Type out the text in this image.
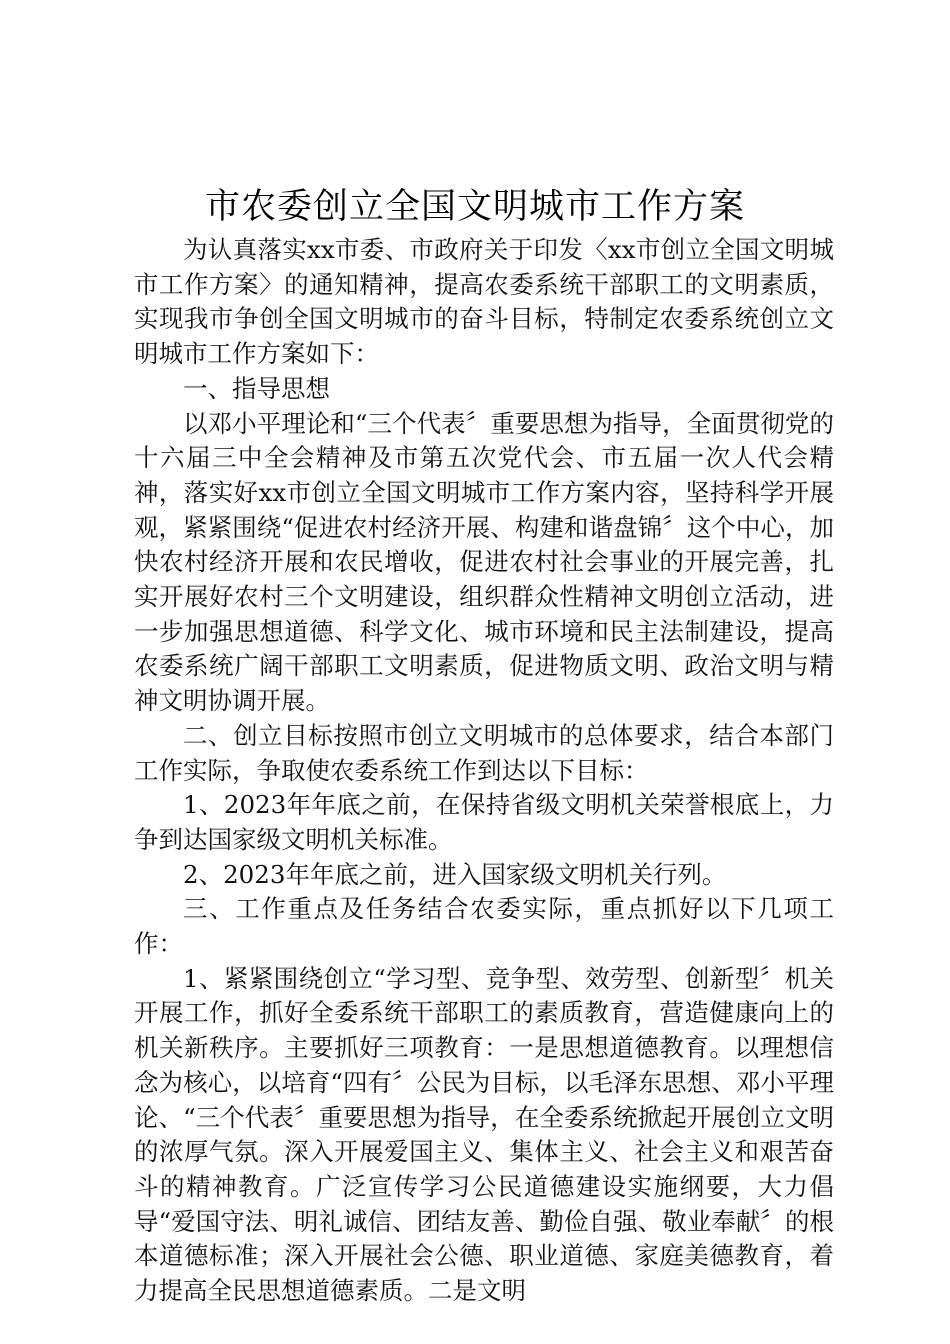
市农委创立全国文明城市工作方案

为认真落实xx市委、市政府关于印发〈xx市创立全国文明城市工作方案〉的通知精神，提高农委系统干部职工的文明素质，实现我市争创全国文明城市的奋斗目标，特制定农委系统创立文明城市工作方案如下：

一、指导思想

以邓小平理论和“三个代表〞重要思想为指导，全面贯彻党的十六届三中全会精神及市第五次党代会、市五届一次人代会精神，落实好xx市创立全国文明城市工作方案内容，坚持科学开展观，紧紧围绕“促进农村经济开展、构建和谐盘锦〞这个中心，加快农村经济开展和农民增收，促进农村社会事业的开展完善，扎实开展好农村三个文明建设，组织群众性精神文明创立活动，进一步加强思想道德、科学文化、城市环境和民主法制建设，提高农委系统广阔干部职工文明素质，促进物质文明、政治文明与精神文明协调开展。

二、创立目标按照市创立文明城市的总体要求，结合本部门工作实际，争取使农委系统工作到达以下目标：

1、2023年年底之前，在保持省级文明机关荣誉根底上，力争到达国家级文明机关标准。

2、2023年年底之前，进入国家级文明机关行列。

三、工作重点及任务结合农委实际，重点抓好以下几项工作：

1、紧紧围绕创立“学习型、竞争型、效劳型、创新型〞机关开展工作，抓好全委系统干部职工的素质教育，营造健康向上的机关新秩序。主要抓好三项教育：一是思想道德教育。以理想信念为核心，以培育“四有〞公民为目标，以毛泽东思想、邓小平理论、“三个代表〞重要思想为指导，在全委系统掀起开展创立文明的浓厚气氛。深入开展爱国主义、集体主义、社会主义和艰苦奋斗的精神教育。广泛宣传学习公民道德建设实施纲要，大力倡导“爱国守法、明礼诚信、团结友善、勤俭自强、敬业奉献〞的根本道德标准；深入开展社会公德、职业道德、家庭美德教育，着力提高全民思想道德素质。二是文明
